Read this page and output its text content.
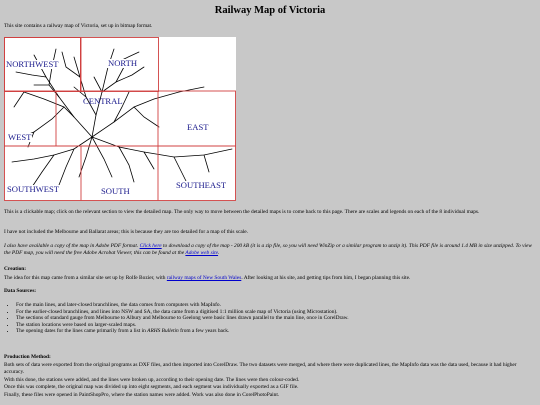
Railway Map of Victoria

This site contains a railway map of Victoria, set up in bitmap format.

NORTHWEST	NORTH
CENTRAL
EAST
WEST
SOUTHWEST	SOUTH
SOUTHEAST

This is a clickable map; click on the relevant section to view the detailed map. The only way to move between the detailed maps is to come back to this page. There are scales and legends on each of the 8 individual maps.

I have not included the Melbourne and Ballarat areas; this is because they are too detailed for a map of this scale.

I also have available a copy of the map in Adobe PDF format. Click here to download a copy of the map - 200 kB (it is a zip file, so you will need WinZip or a similar program to unzip it). This PDF file is around 1.4 MB in size unzipped. To view the PDF map, you will need the free Adobe Acrobat Viewer, this can be found at the Adobe web site.

Creation:

The idea for this map came from a similar site set up by Rolfe Bozier, with railway maps of New South Wales. After looking at his site, and getting tips from him, I began planning this site.

Data Sources:

• For the main lines, and later-closed branchlines, the data comes from computers with MapInfo.
• For the earlier-closed branchlines, and lines into NSW and SA, the data came from a digitised 1:1 million scale map of Victoria (using Microstation).
• The sections of standard gauge from Melbourne to Albury and Melbourne to Geelong were basic lines drawn parallel to the main line, once in CorelDraw.
• The station locations were based on larger-scaled maps.
• The opening dates for the lines came primarily from a list in ARHS Bulletin from a few years back.

Production Method:

Both sets of data were exported from the original programs as DXF files, and then imported into CorelDraw. The two datasets were merged, and where there were duplicated lines, the MapInfo data was the data used, because it had higher accuracy.

With this done, the stations were added, and the lines were broken up, according to their opening date. The lines were then colour-coded.

Once this was complete, the original map was divided up into eight segments, and each segment was individually exported as a GIF file.

Finally, these files were opened in PaintShopPro, where the station names were added. Work was also done in CorelPhotoPaint.
